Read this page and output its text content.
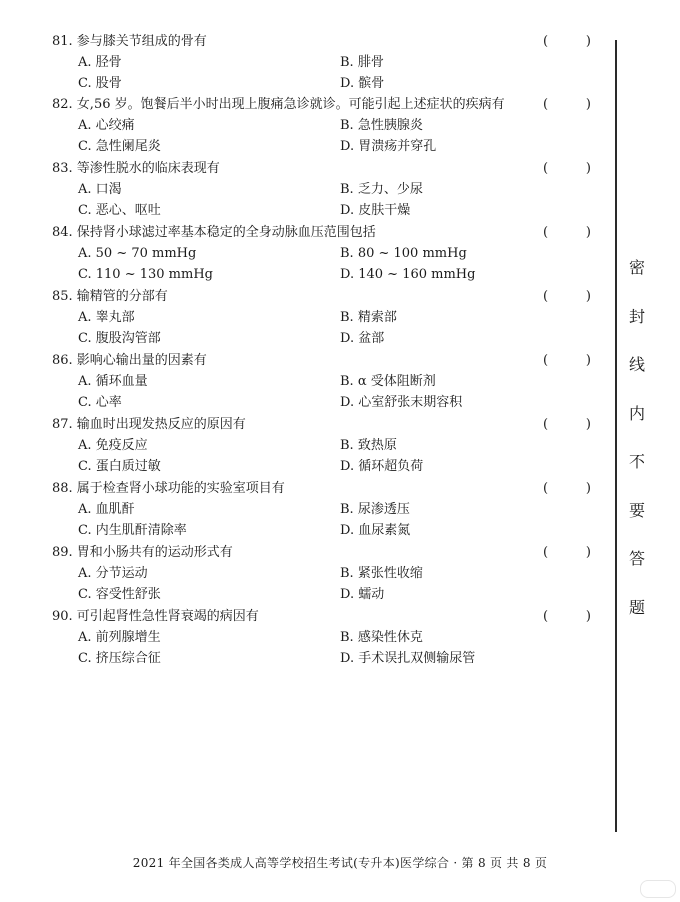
81. 参与膝关节组成的骨有	(	)
A. 胫骨	B. 腓骨
C. 股骨	D. 髌骨
82. 女,56 岁。饱餐后半小时出现上腹痛急诊就诊。可能引起上述症状的疾病有	(	)
A. 心绞痛	B. 急性胰腺炎
C. 急性阑尾炎	D. 胃溃疡并穿孔
83. 等渗性脱水的临床表现有	(	)
A. 口渴	B. 乏力、少尿
C. 恶心、呕吐	D. 皮肤干燥
84. 保持肾小球滤过率基本稳定的全身动脉血压范围包括	(	)
A. 50 ~ 70 mmHg	B. 80 ~ 100 mmHg
C. 110 ~ 130 mmHg	D. 140 ~ 160 mmHg
85. 输精管的分部有	(	)
A. 睾丸部	B. 精索部
C. 腹股沟管部	D. 盆部
86. 影响心输出量的因素有	(	)
A. 循环血量	B. α 受体阻断剂
C. 心率	D. 心室舒张末期容积
87. 输血时出现发热反应的原因有	(	)
A. 免疫反应	B. 致热原
C. 蛋白质过敏	D. 循环超负荷
88. 属于检查肾小球功能的实验室项目有	(	)
A. 血肌酐	B. 尿渗透压
C. 内生肌酐清除率	D. 血尿素氮
89. 胃和小肠共有的运动形式有	(	)
A. 分节运动	B. 紧张性收缩
C. 容受性舒张	D. 蠕动
90. 可引起肾性急性肾衰竭的病因有	(	)
A. 前列腺增生	B. 感染性休克
C. 挤压综合征	D. 手术误扎双侧输尿管
密
封
线
内
不
要
答
题
2021 年全国各类成人高等学校招生考试(专升本)医学综合 · 第 8 页 共 8 页
